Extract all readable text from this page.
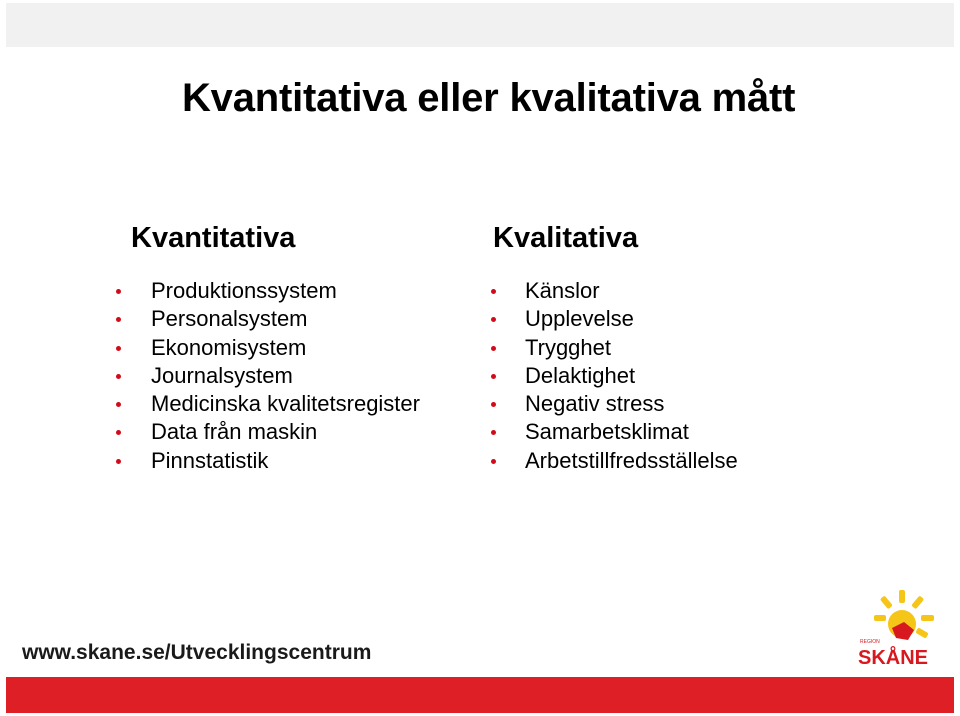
Kvantitativa eller kvalitativa mått
Kvantitativa
Produktionssystem
Personalsystem
Ekonomisystem
Journalsystem
Medicinska kvalitetsregister
Data från maskin
Pinnstatistik
Kvalitativa
Känslor
Upplevelse
Trygghet
Delaktighet
Negativ stress
Samarbetsklimat
Arbetstillfredsställelse
www.skane.se/Utvecklingscentrum	REGION
SKÅNE
